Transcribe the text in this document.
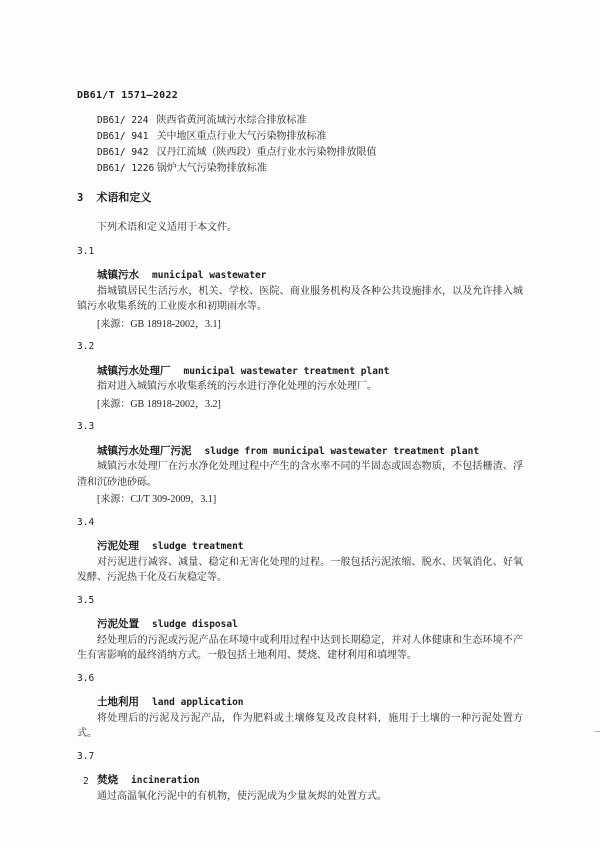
DB61/T 1571—2022
DB61/ 224 陕西省黄河流域污水综合排放标准
DB61/ 941 关中地区重点行业大气污染物排放标准
DB61/ 942 汉丹江流域（陕西段）重点行业水污染物排放限值
DB61/ 1226 锅炉大气污染物排放标准
3 术语和定义

下列术语和定义适用于本文件。

3.1
城镇污水 municipal wastewater

指城镇居民生活污水，机关、学校、医院、商业服务机构及各种公共设施排水，以及允许排入城镇污水收集系统的工业废水和初期雨水等。

[来源：GB 18918-2002，3.1]
3.2
城镇污水处理厂 municipal wastewater treatment plant

指对进入城镇污水收集系统的污水进行净化处理的污水处理厂。

[来源：GB 18918-2002，3.2]
3.3
城镇污水处理厂污泥 sludge from municipal wastewater treatment plant

城镇污水处理厂在污水净化处理过程中产生的含水率不同的半固态或固态物质，不包括栅渣、浮渣和沉砂池砂砾。

[来源：CJ/T 309-2009，3.1]
3.4
污泥处理 sludge treatment

对污泥进行减容、减量、稳定和无害化处理的过程。一般包括污泥浓缩、脱水、厌氧消化、好氧发酵、污泥热干化及石灰稳定等。

3.5
污泥处置 sludge disposal

经处理后的污泥或污泥产品在环境中或利用过程中达到长期稳定，并对人体健康和生态环境不产生有害影响的最终消纳方式。一般包括土地利用、焚烧、建材利用和填埋等。

3.6
土地利用 land application

将处理后的污泥及污泥产品，作为肥料或土壤修复及改良材料，施用于土壤的一种污泥处置方式。

3.7
焚烧 incineration

通过高温氧化污泥中的有机物，使污泥成为少量灰烬的处置方式。

2
